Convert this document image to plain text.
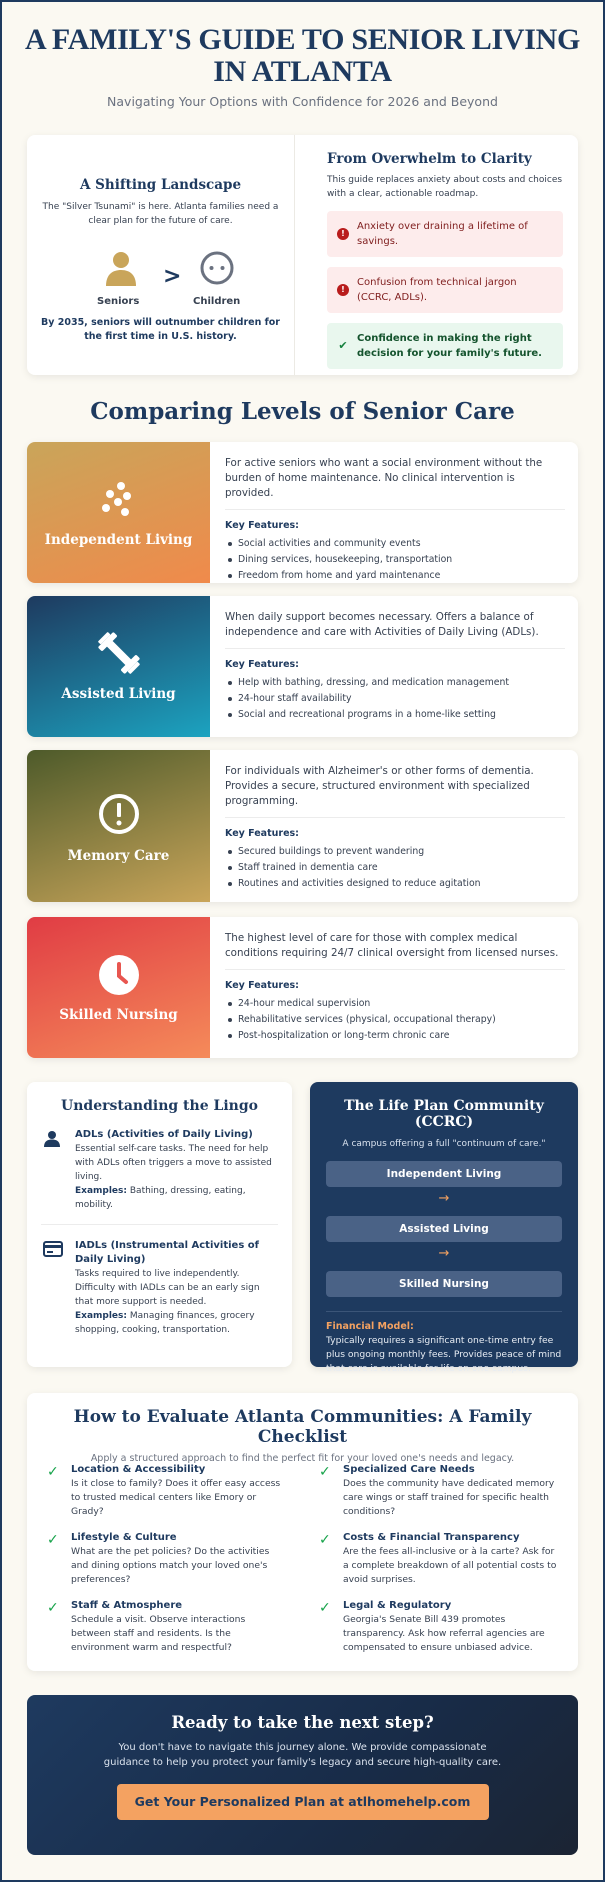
A FAMILY'S GUIDE TO SENIOR LIVING IN ATLANTA

Navigating Your Options with Confidence for 2026 and Beyond

A Shifting Landscape

The "Silver Tsunami" is here. Atlanta families need a clear plan for the future of care.

>
Seniors	Children

By 2035, seniors will outnumber children for the first time in U.S. history.

From Overwhelm to Clarity

This guide replaces anxiety about costs and choices with a clear, actionable roadmap.

!
Anxiety over draining a lifetime of savings.
!
Confusion from technical jargon (CCRC, ADLs).
✔
Confidence in making the right decision for your family's future.
Comparing Levels of Senior Care
Independent Living
For active seniors who want a social environment without the burden of home maintenance. No clinical intervention is provided.
Key Features:
Social activities and community events
Dining services, housekeeping, transportation
Freedom from home and yard maintenance
Assisted Living
When daily support becomes necessary. Offers a balance of independence and care with Activities of Daily Living (ADLs).
Key Features:
Help with bathing, dressing, and medication management
24-hour staff availability
Social and recreational programs in a home-like setting
Memory Care
For individuals with Alzheimer's or other forms of dementia. Provides a secure, structured environment with specialized programming.
Key Features:
Secured buildings to prevent wandering
Staff trained in dementia care
Routines and activities designed to reduce agitation
Skilled Nursing
The highest level of care for those with complex medical conditions requiring 24/7 clinical oversight from licensed nurses.
Key Features:
24-hour medical supervision
Rehabilitative services (physical, occupational therapy)
Post-hospitalization or long-term chronic care
Understanding the Lingo
ADLs (Activities of Daily Living)

Essential self-care tasks. The need for help with ADLs often triggers a move to assisted living.

Examples: Bathing, dressing, eating, mobility.

IADLs (Instrumental Activities of Daily Living)

Tasks required to live independently. Difficulty with IADLs can be an early sign that more support is needed.

Examples: Managing finances, grocery shopping, cooking, transportation.

The Life Plan Community (CCRC)
A campus offering a full "continuum of care."
Independent Living
→
Assisted Living
→
Skilled Nursing
Financial Model:

Typically requires a significant one-time entry fee plus ongoing monthly fees. Provides peace of mind that care is available for life on one campus.

How to Evaluate Atlanta Communities: A Family Checklist
Apply a structured approach to find the perfect fit for your loved one's needs and legacy.
✓ Location & Accessibility

Is it close to family? Does it offer easy access to trusted medical centers like Emory or Grady?

✓ Specialized Care Needs

Does the community have dedicated memory care wings or staff trained for specific health conditions?

✓ Lifestyle & Culture

What are the pet policies? Do the activities and dining options match your loved one's preferences?

✓ Costs & Financial Transparency

Are the fees all-inclusive or à la carte? Ask for a complete breakdown of all potential costs to avoid surprises.

✓ Staff & Atmosphere

Schedule a visit. Observe interactions between staff and residents. Is the environment warm and respectful?

✓ Legal & Regulatory

Georgia's Senate Bill 439 promotes transparency. Ask how referral agencies are compensated to ensure unbiased advice.

Ready to take the next step?

You don't have to navigate this journey alone. We provide compassionate guidance to help you protect your family's legacy and secure high-quality care.

Get Your Personalized Plan at atlhomehelp.com
